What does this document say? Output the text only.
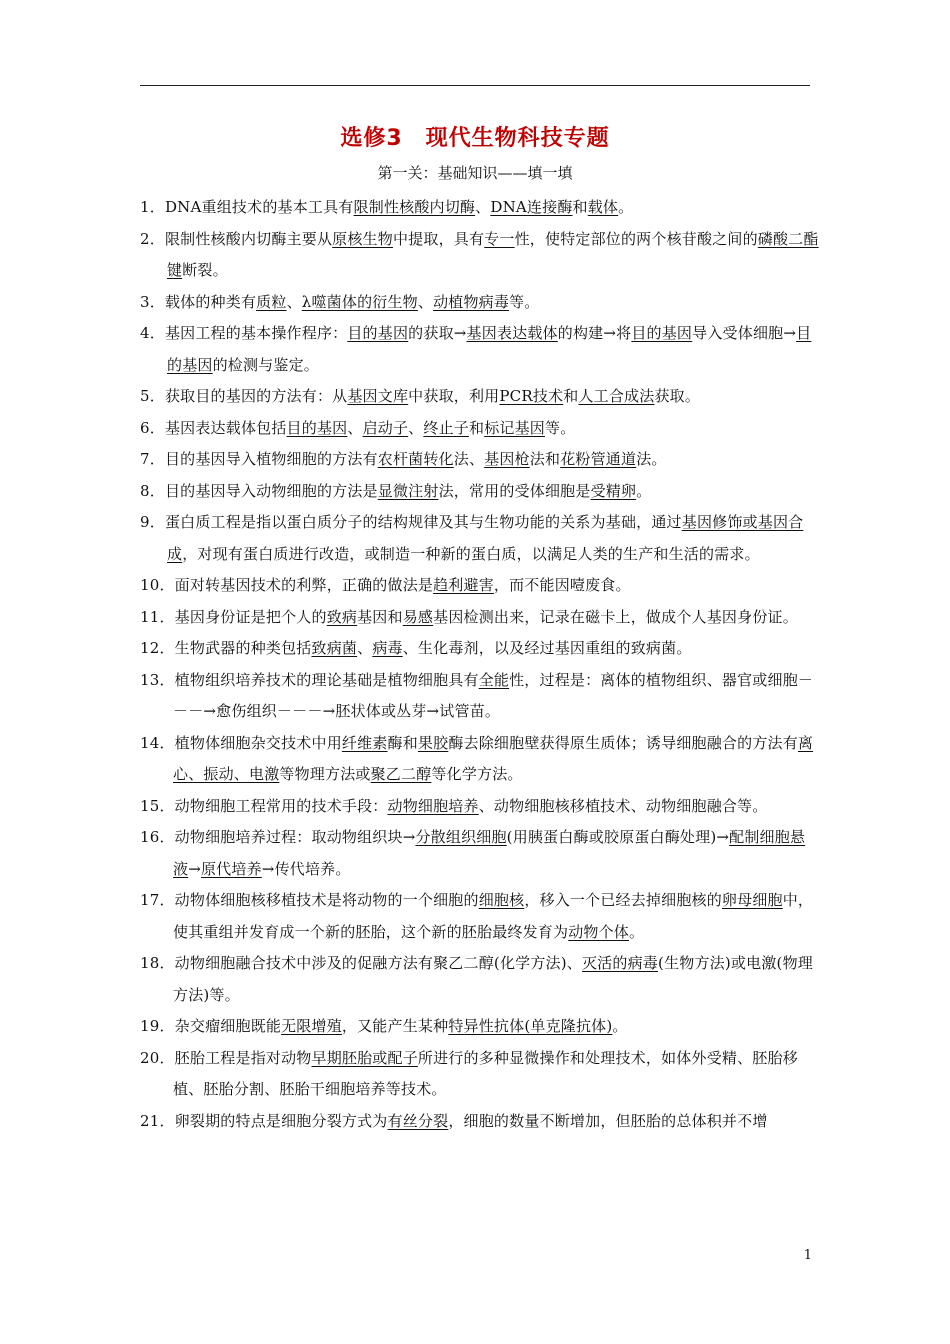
选修3　现代生物科技专题
第一关：基础知识——填一填
1．DNA重组技术的基本工具有限制性核酸内切酶、DNA连接酶和载体。
2．限制性核酸内切酶主要从原核生物中提取，具有专一性，使特定部位的两个核苷酸之间的磷酸二酯键断裂。
3．载体的种类有质粒、λ噬菌体的衍生物、动植物病毒等。
4．基因工程的基本操作程序：目的基因的获取→基因表达载体的构建→将目的基因导入受体细胞→目的基因的检测与鉴定。
5．获取目的基因的方法有：从基因文库中获取，利用PCR技术和人工合成法获取。
6．基因表达载体包括目的基因、启动子、终止子和标记基因等。
7．目的基因导入植物细胞的方法有农杆菌转化法、基因枪法和花粉管通道法。
8．目的基因导入动物细胞的方法是显微注射法，常用的受体细胞是受精卵。
9．蛋白质工程是指以蛋白质分子的结构规律及其与生物功能的关系为基础，通过基因修饰或基因合成，对现有蛋白质进行改造，或制造一种新的蛋白质，以满足人类的生产和生活的需求。
10．面对转基因技术的利弊，正确的做法是趋利避害，而不能因噎废食。
11．基因身份证是把个人的致病基因和易感基因检测出来，记录在磁卡上，做成个人基因身份证。
12．生物武器的种类包括致病菌、病毒、生化毒剂，以及经过基因重组的致病菌。
13．植物组织培养技术的理论基础是植物细胞具有全能性，过程是：离体的植物组织、器官或细胞－－－→愈伤组织－－－→胚状体或丛芽→试管苗。
14．植物体细胞杂交技术中用纤维素酶和果胶酶去除细胞壁获得原生质体；诱导细胞融合的方法有离心、振动、电激等物理方法或聚乙二醇等化学方法。
15．动物细胞工程常用的技术手段：动物细胞培养、动物细胞核移植技术、动物细胞融合等。
16．动物细胞培养过程：取动物组织块→分散组织细胞(用胰蛋白酶或胶原蛋白酶处理)→配制细胞悬液→原代培养→传代培养。
17．动物体细胞核移植技术是将动物的一个细胞的细胞核，移入一个已经去掉细胞核的卵母细胞中，使其重组并发育成一个新的胚胎，这个新的胚胎最终发育为动物个体。
18．动物细胞融合技术中涉及的促融方法有聚乙二醇(化学方法)、灭活的病毒(生物方法)或电激(物理方法)等。
19．杂交瘤细胞既能无限增殖，又能产生某种特异性抗体(单克隆抗体)。
20．胚胎工程是指对动物早期胚胎或配子所进行的多种显微操作和处理技术，如体外受精、胚胎移植、胚胎分割、胚胎干细胞培养等技术。
21．卵裂期的特点是细胞分裂方式为有丝分裂，细胞的数量不断增加，但胚胎的总体积并不增
1
